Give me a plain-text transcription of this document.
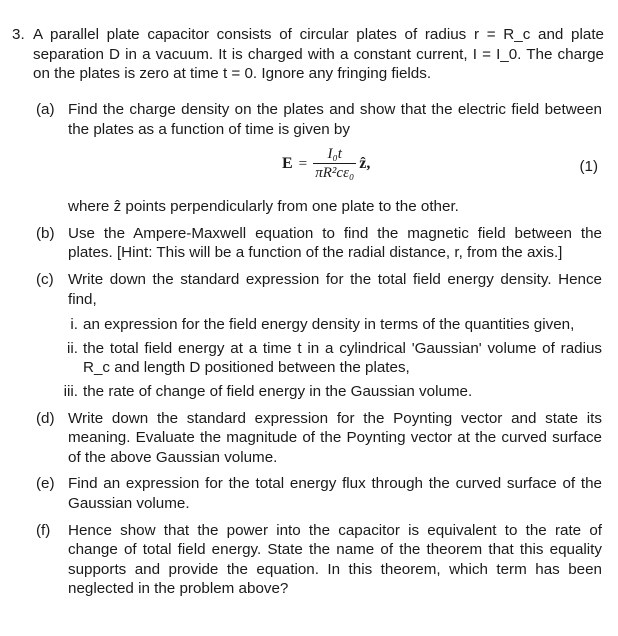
3. A parallel plate capacitor consists of circular plates of radius r = R_c and plate separation D in a vacuum. It is charged with a constant current, I = I_0. The charge on the plates is zero at time t = 0. Ignore any fringing fields.
(a) Find the charge density on the plates and show that the electric field between the plates as a function of time is given by
$E = \frac{\text{I₀t}}{\text{πR²cε₀}}$ ẑ,	(1)
where ẑ points perpendicularly from one plate to the other.
(b) Use the Ampere-Maxwell equation to find the magnetic field between the plates. [Hint: This will be a function of the radial distance, r, from the axis.]
(c) Write down the standard expression for the total field energy density. Hence find,
i. an expression for the field energy density in terms of the quantities given,
ii. the total field energy at a time t in a cylindrical 'Gaussian' volume of radius R_c and length D positioned between the plates,
iii. the rate of change of field energy in the Gaussian volume.
(d) Write down the standard expression for the Poynting vector and state its meaning. Evaluate the magnitude of the Poynting vector at the curved surface of the above Gaussian volume.
(e) Find an expression for the total energy flux through the curved surface of the Gaussian volume.
(f)	Hence show that the power into the capacitor is equivalent to the rate of change of total field energy. State the name of the theorem that this equality supports and provide the equation. In this theorem, which term has been neglected in the problem above?
